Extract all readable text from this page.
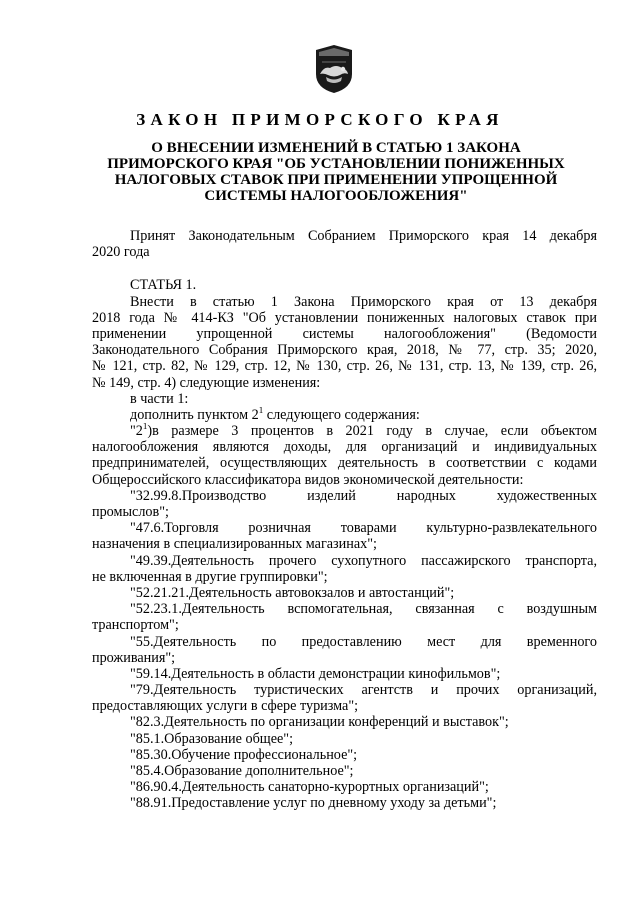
ЗАКОН ПРИМОРСКОГО КРАЯ
О ВНЕСЕНИИ ИЗМЕНЕНИЙ В СТАТЬЮ 1 ЗАКОНА
ПРИМОРСКОГО КРАЯ "ОБ УСТАНОВЛЕНИИ ПОНИЖЕННЫХ
НАЛОГОВЫХ СТАВОК ПРИ ПРИМЕНЕНИИ УПРОЩЕННОЙ
СИСТЕМЫ НАЛОГООБЛОЖЕНИЯ"
Принят Законодательным Собранием Приморского края 14 декабря
2020 года
СТАТЬЯ 1.
Внести в статью 1 Закона Приморского края от 13 декабря
2018 года № 414-КЗ "Об установлении пониженных налоговых ставок при
применении упрощенной системы налогообложения" (Ведомости
Законодательного Собрания Приморского края, 2018, № 77, стр. 35; 2020,
№ 121, стр. 82, № 129, стр. 12, № 130, стр. 26, № 131, стр. 13, № 139, стр. 26,
№ 149, стр. 4) следующие изменения:
в части 1:
дополнить пунктом $2^1$ следующего содержания:
"$2^1)в$ размере 3 процентов в 2021 году в случае, если объектом
налогообложения являются доходы, для организаций и индивидуальных
предпринимателей, осуществляющих деятельность в соответствии с кодами
Общероссийского классификатора видов экономической деятельности:
"32.99.8.Производство изделий народных художественных
промыслов";
"47.6.Торговля розничная товарами культурно-развлекательного
назначения в специализированных магазинах";
"49.39.Деятельность прочего сухопутного пассажирского транспорта,
не включенная в другие группировки";
"52.21.21.Деятельность автовокзалов и автостанций";
"52.23.1.Деятельность вспомогательная, связанная с воздушным
транспортом";
"55.Деятельность по предоставлению мест для временного
проживания";
"59.14.Деятельность в области демонстрации кинофильмов";
"79.Деятельность туристических агентств и прочих организаций,
предоставляющих услуги в сфере туризма";
"82.3.Деятельность по организации конференций и выставок";
"85.1.Образование общее";
"85.30.Обучение профессиональное";
"85.4.Образование дополнительное";
"86.90.4.Деятельность санаторно-курортных организаций";
"88.91.Предоставление услуг по дневному уходу за детьми";
